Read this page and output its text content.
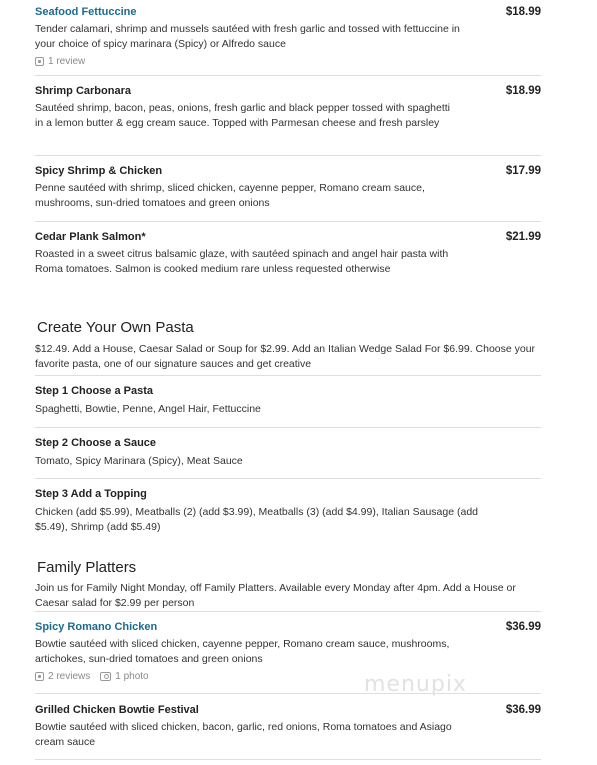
Seafood Fettuccine	$18.99
Tender calamari, shrimp and mussels sautéed with fresh garlic and tossed with fettuccine in your choice of spicy marinara (Spicy) or Alfredo sauce
1 review
Shrimp Carbonara	$18.99
Sautéed shrimp, bacon, peas, onions, fresh garlic and black pepper tossed with spaghetti in a lemon butter & egg cream sauce. Topped with Parmesan cheese and fresh parsley
Spicy Shrimp & Chicken	$17.99
Penne sautéed with shrimp, sliced chicken, cayenne pepper, Romano cream sauce, mushrooms, sun-dried tomatoes and green onions
Cedar Plank Salmon*	$21.99
Roasted in a sweet citrus balsamic glaze, with sautéed spinach and angel hair pasta with Roma tomatoes. Salmon is cooked medium rare unless requested otherwise
Create Your Own Pasta
$12.49. Add a House, Caesar Salad or Soup for $2.99. Add an Italian Wedge Salad For $6.99. Choose your favorite pasta, one of our signature sauces and get creative
Step 1 Choose a Pasta
Spaghetti, Bowtie, Penne, Angel Hair, Fettuccine
Step 2 Choose a Sauce
Tomato, Spicy Marinara (Spicy), Meat Sauce
Step 3 Add a Topping
Chicken (add $5.99), Meatballs (2) (add $3.99), Meatballs (3) (add $4.99), Italian Sausage (add $5.49), Shrimp (add $5.49)
Family Platters
Join us for Family Night Monday, off Family Platters. Available every Monday after 4pm. Add a House or Caesar salad for $2.99 per person
Spicy Romano Chicken	$36.99
Bowtie sautéed with sliced chicken, cayenne pepper, Romano cream sauce, mushrooms, artichokes, sun-dried tomatoes and green onions
2 reviews	1 photo
Grilled Chicken Bowtie Festival	$36.99
Bowtie sautéed with sliced chicken, bacon, garlic, red onions, Roma tomatoes and Asiago cream sauce
menupix
